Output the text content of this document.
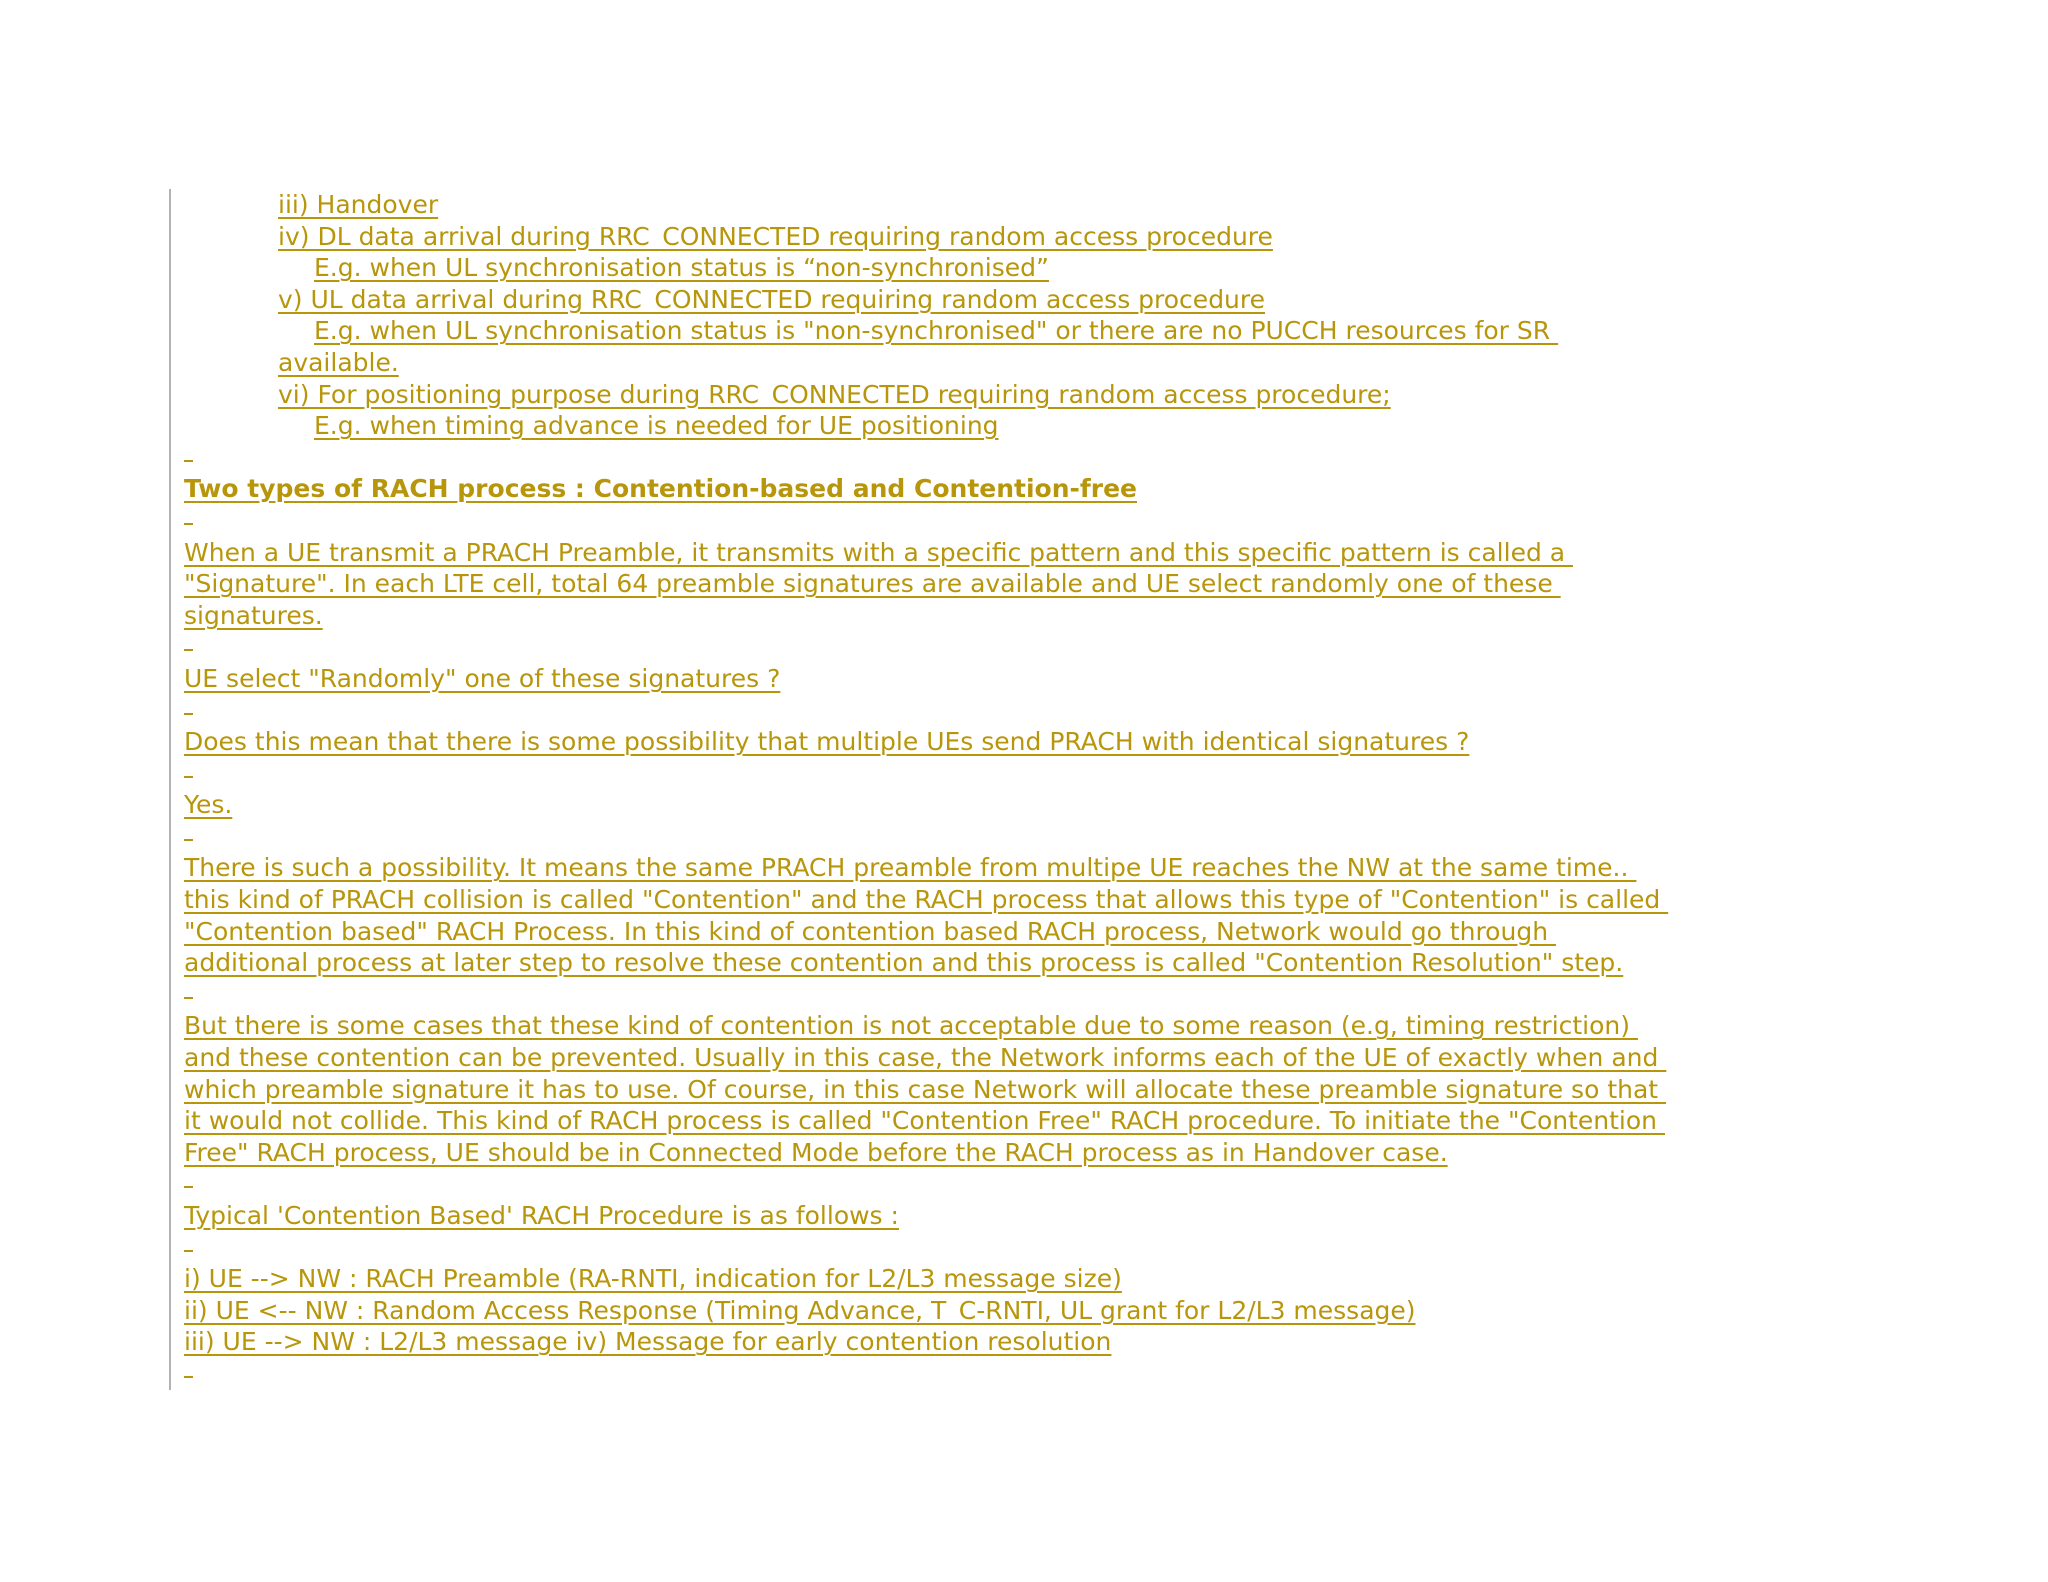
iii) Handover
iv) DL data arrival during RRC_CONNECTED requiring random access procedure
E.g. when UL synchronisation status is “non-synchronised”
v) UL data arrival during RRC_CONNECTED requiring random access procedure
E.g. when UL synchronisation status is "non-synchronised" or there are no PUCCH resources for SR
available.
vi) For positioning purpose during RRC_CONNECTED requiring random access procedure;
E.g. when timing advance is needed for UE positioning
Two types of RACH process : Contention-based and Contention-free
When a UE transmit a PRACH Preamble, it transmits with a specific pattern and this specific pattern is called a
"Signature". In each LTE cell, total 64 preamble signatures are available and UE select randomly one of these
signatures.
UE select "Randomly" one of these signatures ?
Does this mean that there is some possibility that multiple UEs send PRACH with identical signatures ?
Yes.
There is such a possibility. It means the same PRACH preamble from multipe UE reaches the NW at the same time..
this kind of PRACH collision is called "Contention" and the RACH process that allows this type of "Contention" is called
"Contention based" RACH Process. In this kind of contention based RACH process, Network would go through
additional process at later step to resolve these contention and this process is called "Contention Resolution" step.
But there is some cases that these kind of contention is not acceptable due to some reason (e.g, timing restriction)
and these contention can be prevented. Usually in this case, the Network informs each of the UE of exactly when and
which preamble signature it has to use. Of course, in this case Network will allocate these preamble signature so that
it would not collide. This kind of RACH process is called "Contention Free" RACH procedure. To initiate the "Contention
Free" RACH process, UE should be in Connected Mode before the RACH process as in Handover case.
Typical 'Contention Based' RACH Procedure is as follows :
i) UE --> NW : RACH Preamble (RA-RNTI, indication for L2/L3 message size)
ii) UE <-- NW : Random Access Response (Timing Advance, T_C-RNTI, UL grant for L2/L3 message)
iii) UE --> NW : L2/L3 message iv) Message for early contention resolution
